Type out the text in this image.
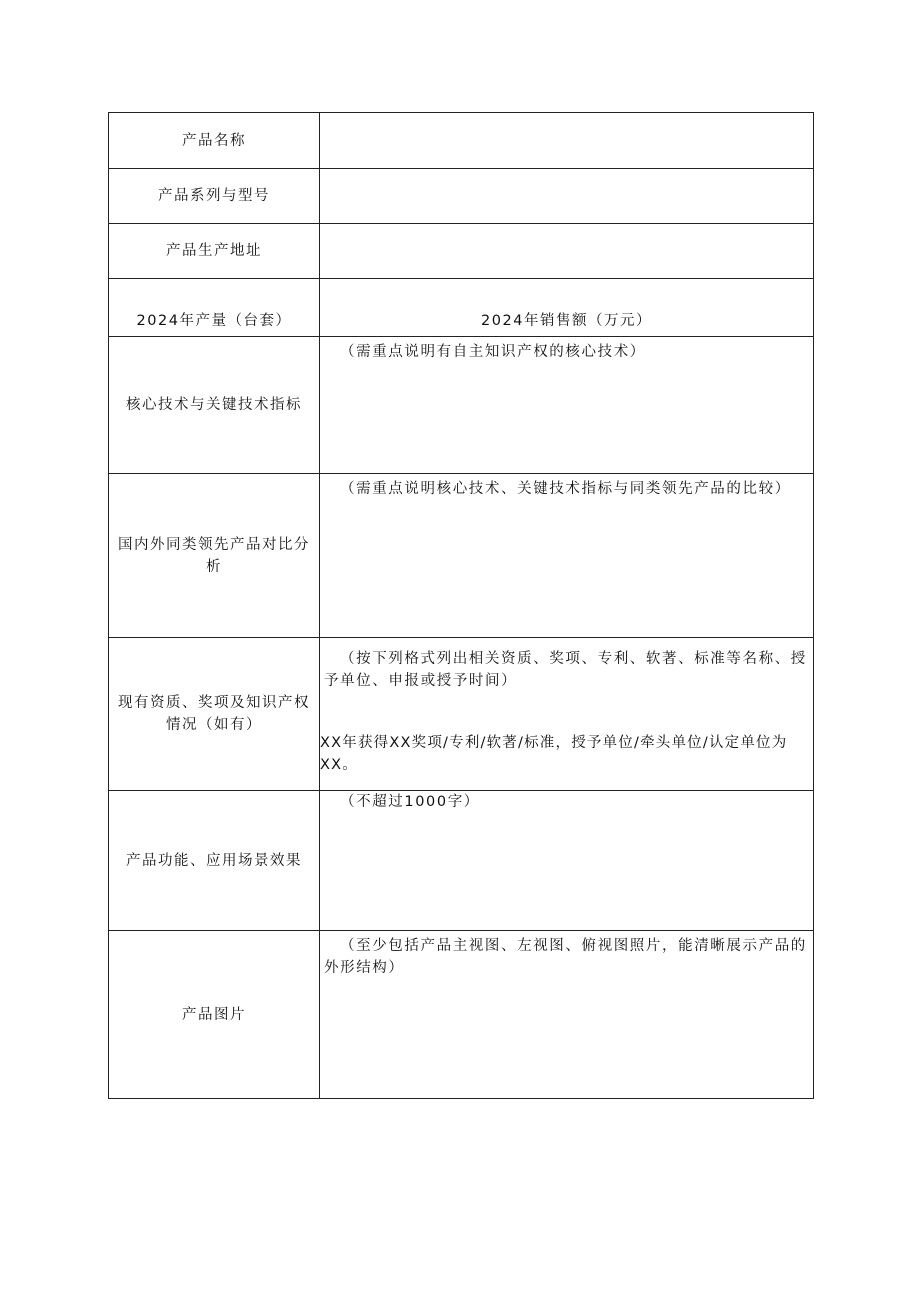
产品名称	
产品系列与型号	
产品生产地址	
2024年产量（台套）	2024年销售额（万元）
核心技术与关键技术指标	（需重点说明有自主知识产权的核心技术）

国内外同类领先产品对比分析	（需重点说明核心技术、关键技术指标与同类领先产品的比较）

现有资质、奖项及知识产权情况（如有）	（按下列格式列出相关资质、奖项、专利、软著、标准等名称、授予单位、申报或授予时间）
XX年获得XX奖项/专利/软著/标准，授予单位/牵头单位/认定单位为XX。

产品功能、应用场景效果	（不超过1000字）

产品图片	（至少包括产品主视图、左视图、俯视图照片，能清晰展示产品的外形结构）
